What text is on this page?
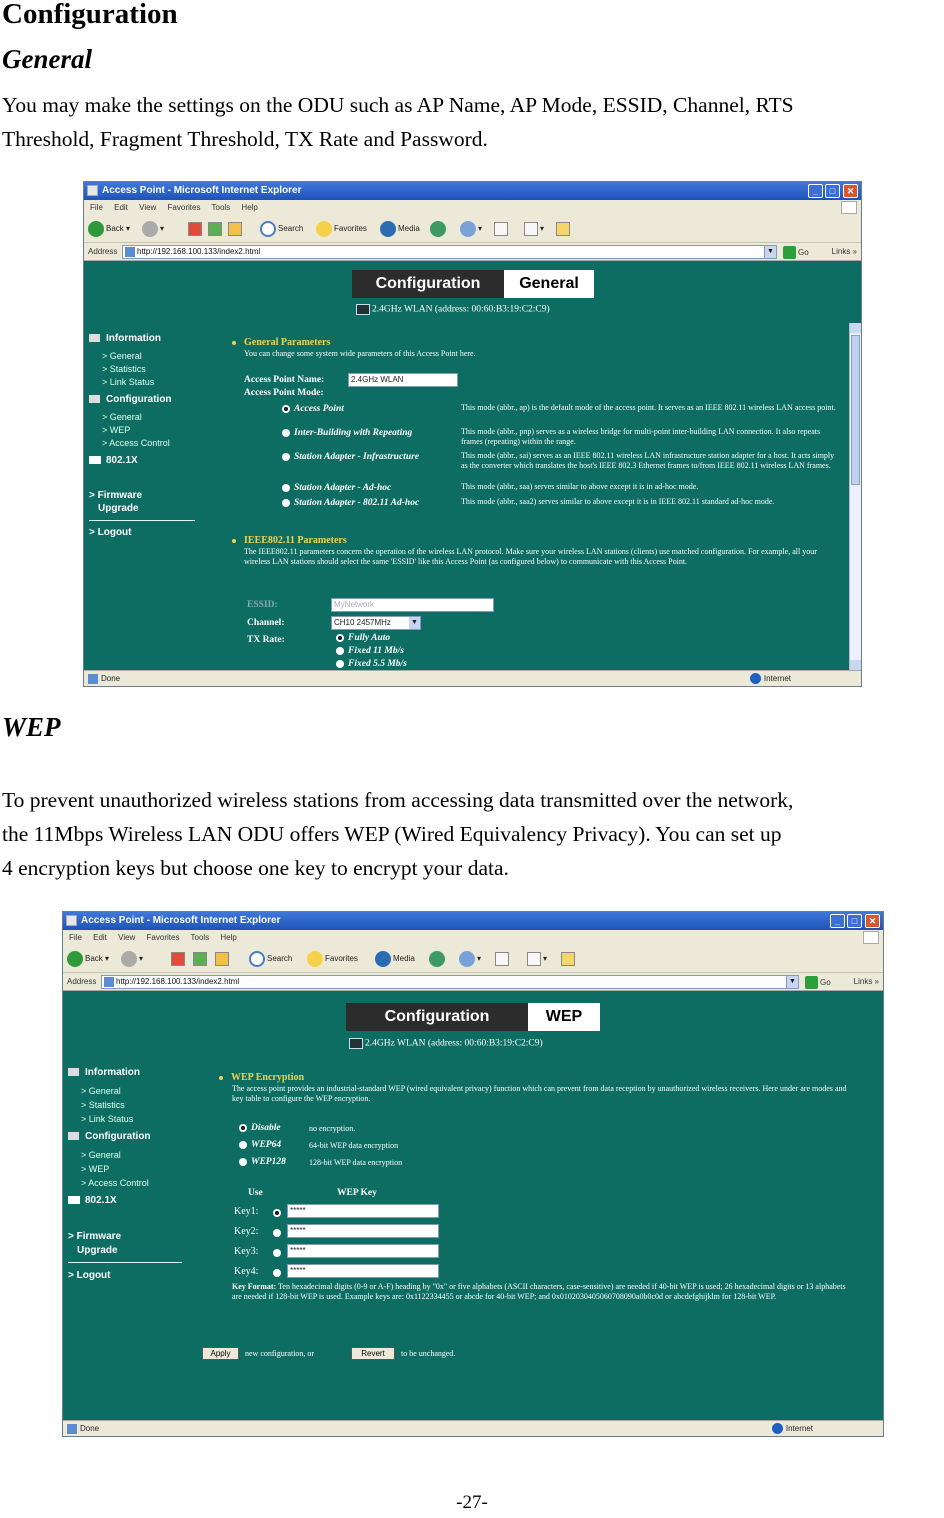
Configuration
General
You may make the settings on the ODU such as AP Name, AP Mode, ESSID, Channel, RTS
Threshold, Fragment Threshold, TX Rate and Password.
Access Point - Microsoft Internet Explorer	_	□	✕
File Edit View Favorites Tools Help
Back ▾	▾	Search	Favorites	Media	▾	▾
Address	http://192.168.100.133/index2.html	▼	Go	Links »
Configuration	General
2.4GHz WLAN (address: 00:60:B3:19:C2:C9)
Information
> General
> Statistics
> Link Status
Configuration
> General
> WEP
> Access Control
802.1X
> Firmware
Upgrade
> Logout
General Parameters
You can change some system wide parameters of this Access Point here.
Access Point Name:	2.4GHz WLAN
Access Point Mode:
Access Point	This mode (abbr., ap) is the default mode of the access point. It serves as an IEEE 802.11 wireless LAN access point.
Inter-Building with Repeating	This mode (abbr., pnp) serves as a wireless bridge for multi-point inter-building LAN connection. It also repeats frames (repeating) within the range.
Station Adapter - Infrastructure	This mode (abbr., sai) serves as an IEEE 802.11 wireless LAN infrastructure station adapter for a host. It acts simply as the converter which translates the host's IEEE 802.3 Ethernet frames to/from IEEE 802.11 wireless LAN frames.
Station Adapter - Ad-hoc	This mode (abbr., saa) serves similar to above except it is in ad-hoc mode.
Station Adapter - 802.11 Ad-hoc	This mode (abbr., saa2) serves similar to above except it is in IEEE 802.11 standard ad-hoc mode.
IEEE802.11 Parameters
The IEEE802.11 parameters concern the operation of the wireless LAN protocol. Make sure your wireless LAN stations (clients) use matched configuration. For example, all your wireless LAN stations should select the same 'ESSID' like this Access Point (as configured below) to communicate with this Access Point.
ESSID:	MyNetwork
Channel:	CH10 2457MHz	▼
TX Rate:	Fully Auto
Fixed 11 Mb/s
Fixed 5.5 Mb/s
Done	Internet
WEP
To prevent unauthorized wireless stations from accessing data transmitted over the network,
the 11Mbps Wireless LAN ODU offers WEP (Wired Equivalency Privacy). You can set up
4 encryption keys but choose one key to encrypt your data.
Access Point - Microsoft Internet Explorer	_	□	✕
File Edit View Favorites Tools Help
Back ▾	▾	Search	Favorites	Media	▾	▾
Address	http://192.168.100.133/index2.html	▼	Go	Links »
Configuration	WEP
2.4GHz WLAN (address: 00:60:B3:19:C2:C9)
Information
> General
> Statistics
> Link Status
Configuration
> General
> WEP
> Access Control
802.1X
> Firmware
Upgrade
> Logout
WEP Encryption
The access point provides an industrial-standard WEP (wired equivalent privacy) function which can prevent from data reception by unauthorized wireless receivers. Here under are modes and key table to configure the WEP encryption.
Disable	no encryption.
WEP64	64-bit WEP data encryption
WEP128	128-bit WEP data encryption
Use	WEP Key
Key1:	*****
Key2:	*****
Key3:	*****
Key4:	*****
Key Format: Ten hexadecimal digits (0-9 or A-F) heading by "0x" or five alphabets (ASCII characters, case-sensitive) are needed if 40-bit WEP is used; 26 hexadecimal digits or 13 alphabets are needed if 128-bit WEP is used. Example keys are: 0x1122334455 or abcde for 40-bit WEP; and 0x0102030405060708090a0b0c0d or abcdefghijklm for 128-bit WEP.
Apply	new configuration, or	Revert	to be unchanged.
Done	Internet
-27-
